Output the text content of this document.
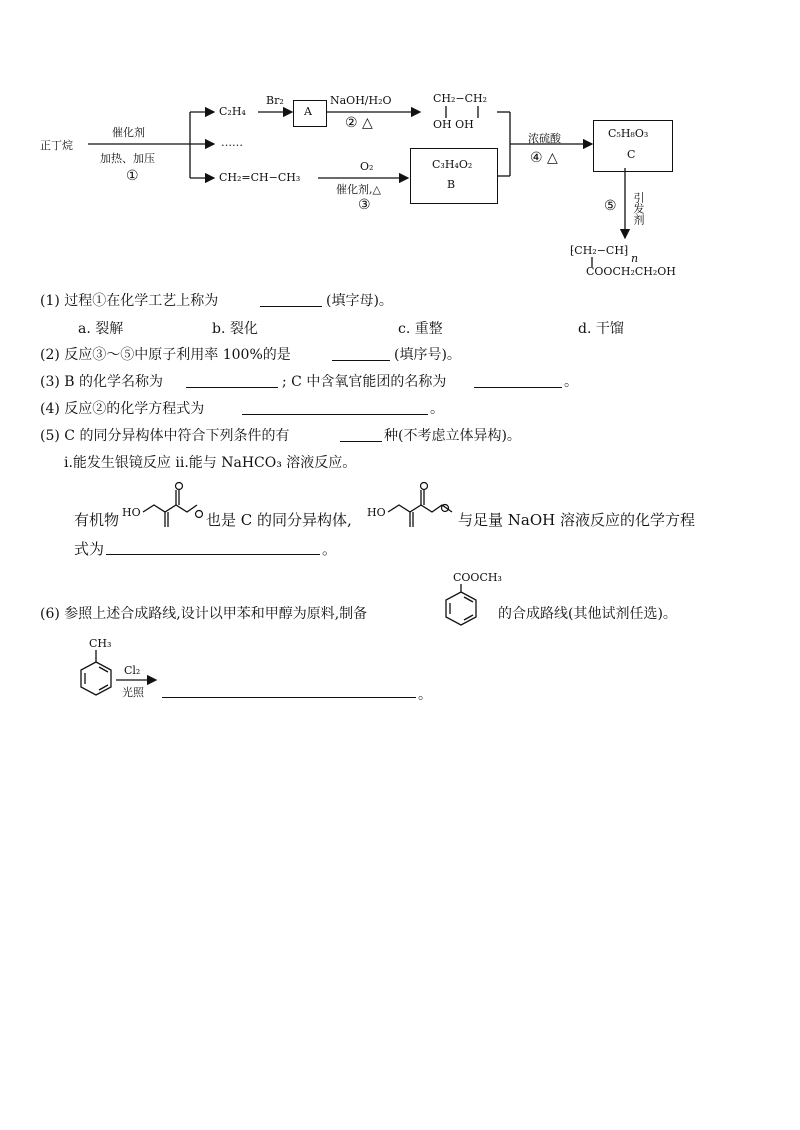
正丁烷
催化剂
加热、加压
①
C₂H₄
……
CH₂=CH−CH₃
Br₂
A
NaOH/H₂O
② △
CH₂−CH₂
OH OH
O₂
催化剂,△
③
C₃H₄O₂
B
浓硫酸
④ △
C₅H₈O₃
C
⑤ 引发剂
⁅CH₂−CH⁆
n
COOCH₂CH₂OH
(1) 过程①在化学工艺上称为	(填字母)。
a. 裂解	b. 裂化	c. 重整	d. 干馏
(2) 反应③～⑤中原子利用率 100%的是	(填序号)。
(3) B 的化学名称为	; C 中含氧官能团的名称为	。
(4) 反应②的化学方程式为	。
(5) C 的同分异构体中符合下列条件的有	种(不考虑立体异构)。
i.能发生银镜反应 ii.能与 NaHCO₃ 溶液反应。
有机物 HO	也是 C 的同分异构体, HO	与足量 NaOH 溶液反应的化学方程
式为	。
COOCH₃
(6) 参照上述合成路线,设计以甲苯和甲醇为原料,制备	的合成路线(其他试剂任选)。
CH₃
Cl₂
光照	。
